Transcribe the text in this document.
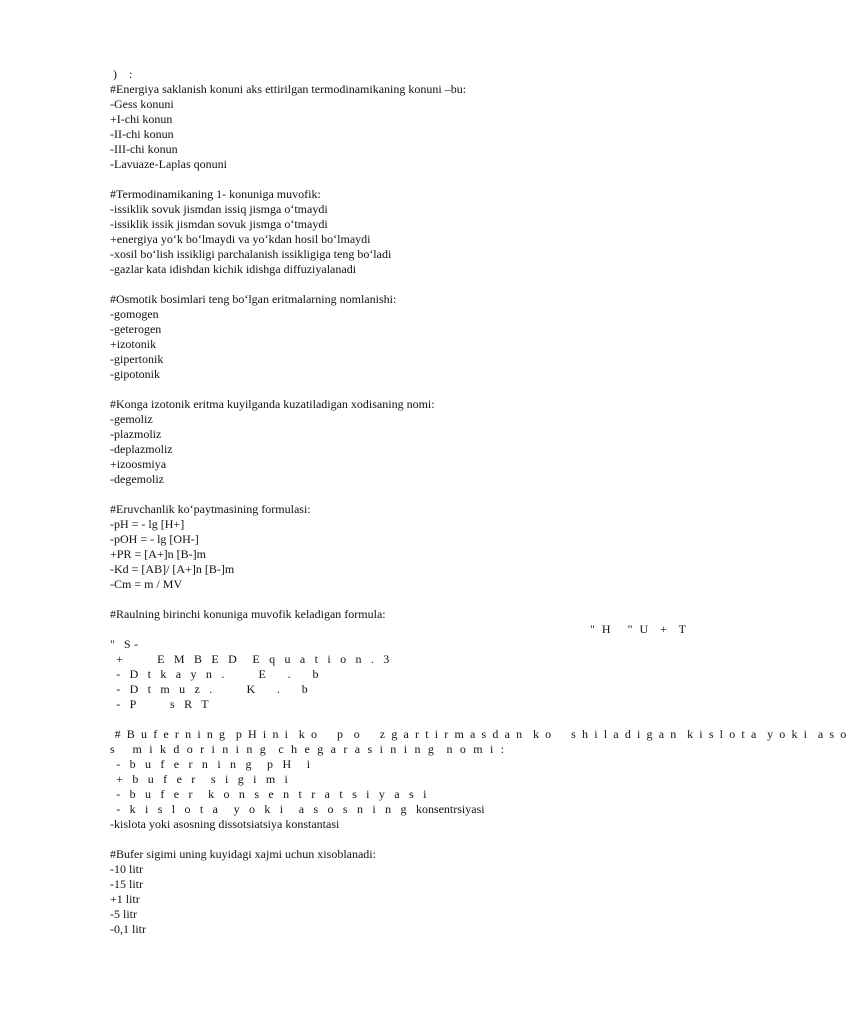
)    :
#Energiya saklanish konuni aks ettirilgan termodinamikaning konuni –bu:
-Gess konuni
+I-chi konun
-II-chi konun
-III-chi konun
-Lavuaze-Laplas qonuni
#Termodinamikaning 1- konuniga muvofik:
-issiklik sovuk jismdan issiq jismga o‘tmaydi
-issiklik issik jismdan sovuk jismga o‘tmaydi
+energiya yo‘k bo‘lmaydi va yo‘kdan hosil bo‘lmaydi
-xosil bo‘lish issikligi parchalanish issikligiga teng bo‘ladi
-gazlar kata idishdan kichik idishga diffuziyalanadi
#Osmotik bosimlari teng bo‘lgan eritmalarning nomlanishi:
-gomogen
-geterogen
+izotonik
-gipertonik
-gipotonik
#Konga izotonik eritma kuyilganda kuzatiladigan xodisaning nomi:
-gemoliz
-plazmoliz
-deplazmoliz
+izoosmiya
-degemoliz
#Eruvchanlik ko‘paytmasining formulasi:
-pH = - lg [H+]
-pOH = - lg [OH-]
+PR = [A+]n [B-]m
-Kd = [AB]/ [A+]n [B-]m
-Cm = m / MV
#Raulning birinchi konuniga muvofik keladigan formula:

-

" H   " U  +  T

"   S
+     E M B E D  E q u a t i o n . 3
- D t k a y n .     E   .   b
- D t m u z .     K   .   b
- P     s R T
# B u f e r n i n g  p H i n i  k o    p  o    z g a r t i r m a s d a n  k o    s h i l a d i g a n  k i s l o t a  y o k i  a s o
s   m i k d o r i n i n g  c h e g a r a s i n i n g  n o m i :
- b u f e r n i n g  p H  i
+ b u f e r  s i g i m i
- b u f e r  k o n s e n t r a t s i y a s i
- k i s l o t a  y o k i  a s o s n i n g konsentrsiyasi
-kislota yoki asosning dissotsiatsiya konstantasi
#Bufer sigimi uning kuyidagi xajmi uchun xisoblanadi:
-10 litr
-15 litr
+1 litr
-5 litr
-0,1 litr
